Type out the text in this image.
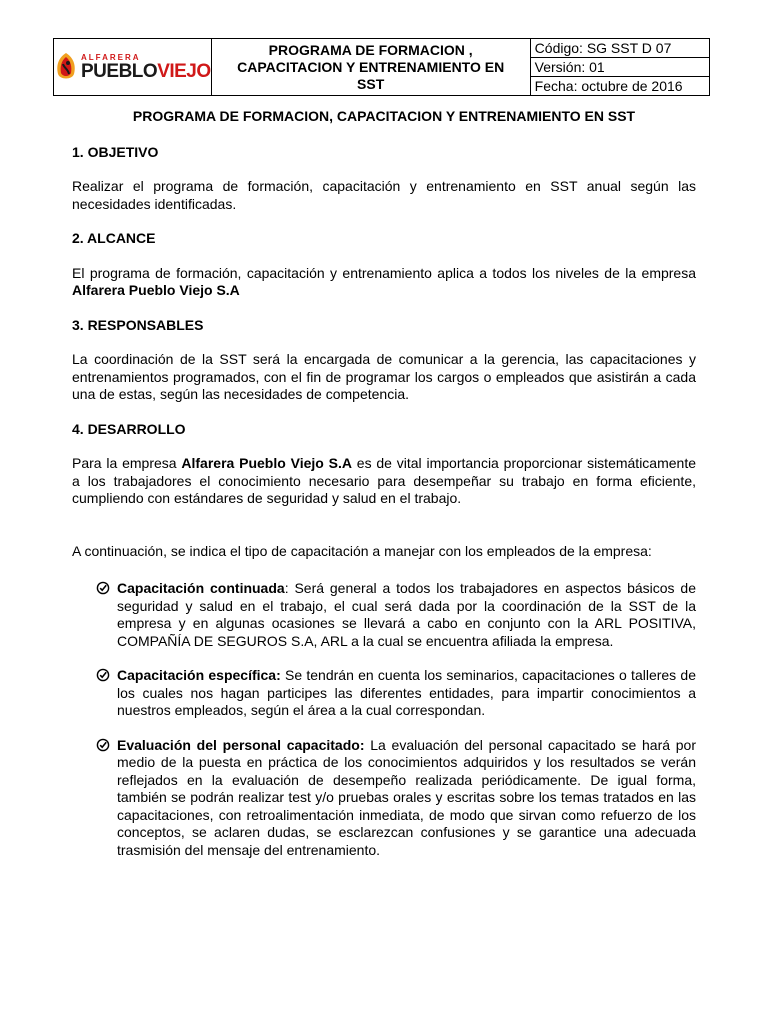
ALFARERA
PUEBLOVIEJO
	PROGRAMA DE FORMACION ,
CAPACITACION Y ENTRENAMIENTO EN
SST	Código: SG SST D 07
Versión: 01
Fecha: octubre de 2016

PROGRAMA DE FORMACION, CAPACITACION Y ENTRENAMIENTO EN SST

1. OBJETIVO

Realizar el programa de formación, capacitación y entrenamiento en SST anual según las necesidades identificadas.

2. ALCANCE

El programa de formación, capacitación y entrenamiento aplica a todos los niveles de la empresa Alfarera Pueblo Viejo S.A

3. RESPONSABLES

La coordinación de la SST será la encargada de comunicar a la gerencia, las capacitaciones y entrenamientos programados, con el fin de programar los cargos o empleados que asistirán a cada una de estas, según las necesidades de competencia.

4. DESARROLLO

Para la empresa Alfarera Pueblo Viejo S.A es de vital importancia proporcionar sistemáticamente a los trabajadores el conocimiento necesario para desempeñar su trabajo en forma eficiente, cumpliendo con estándares de seguridad y salud en el trabajo.

A continuación, se indica el tipo de capacitación a manejar con los empleados de la empresa:

Capacitación continuada: Será general a todos los trabajadores en aspectos básicos de seguridad y salud en el trabajo, el cual será dada por la coordinación de la SST de la empresa y en algunas ocasiones se llevará a cabo en conjunto con la ARL POSITIVA, COMPAÑÍA DE SEGUROS S.A, ARL a la cual se encuentra afiliada la empresa.
Capacitación específica: Se tendrán en cuenta los seminarios, capacitaciones o talleres de los cuales nos hagan participes las diferentes entidades, para impartir conocimientos a nuestros empleados, según el área a la cual correspondan.
Evaluación del personal capacitado: La evaluación del personal capacitado se hará por medio de la puesta en práctica de los conocimientos adquiridos y los resultados se verán reflejados en la evaluación de desempeño realizada periódicamente. De igual forma, también se podrán realizar test y/o pruebas orales y escritas sobre los temas tratados en las capacitaciones, con retroalimentación inmediata, de modo que sirvan como refuerzo de los conceptos, se aclaren dudas, se esclarezcan confusiones y se garantice una adecuada trasmisión del mensaje del entrenamiento.
